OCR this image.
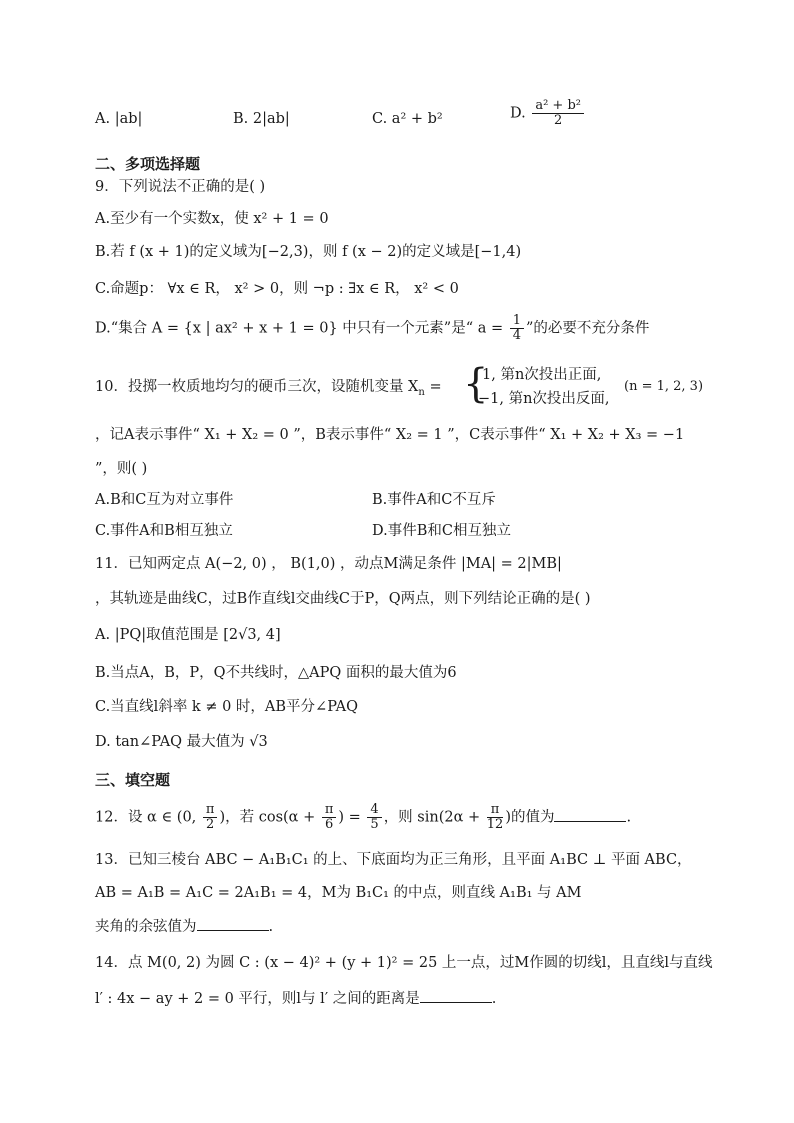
A. |ab|	B. 2|ab|	C. a² + b²	D. $\frac{\text{a² + b²}}{2}$
二、多项选择题
9．下列说法不正确的是( )
A.至少有一个实数x，使 x² + 1 = 0
B.若 f (x + 1)的定义域为[−2,3)，则 f (x − 2)的定义域是[−1,4)
C.命题p： ∀x ∈ R， x² > 0，则 ¬p : ∃x ∈ R， x² < 0
D.“集合 A = {x | ax² + x + 1 = 0} 中只有一个元素”是“ $a = \frac{1}{4}$ ”的必要不充分条件
10．投掷一枚质地均匀的硬币三次，设随机变量 $X_n$ = {
1, 第n次投出正面,
−1, 第n次投出反面,
(n = 1, 2, 3)
，记A表示事件“ X₁ + X₂ = 0 ”，B表示事件“ X₂ = 1 ”，C表示事件“ X₁ + X₂ + X₃ = −1
”，则( )
A.B和C互为对立事件	B.事件A和C不互斥
C.事件A和B相互独立	D.事件B和C相互独立
11．已知两定点 A(−2, 0) ， B(1,0) ，动点M满足条件 |MA| = 2|MB|
，其轨迹是曲线C，过B作直线l交曲线C于P，Q两点，则下列结论正确的是( )
A. |PQ|取值范围是 [2√3, 4]
B.当点A，B，P，Q不共线时，△APQ 面积的最大值为6
C.当直线l斜率 k ≠ 0 时，AB平分∠PAQ
D. tan∠PAQ 最大值为 √3
三、填空题
12．设 α ∈ (0, $\frac{\pi}{2}$ )，若 $\cos(\alpha + \frac{\pi}{6}$ ) = $\frac{4}{5}$ ，则 $\sin(2\alpha + \frac{\pi}{12}$ )的值为	.
13．已知三棱台 ABC − A₁B₁C₁ 的上、下底面均为正三角形，且平面 A₁BC ⊥ 平面 ABC，
AB = A₁B = A₁C = 2A₁B₁ = 4，M为 B₁C₁ 的中点，则直线 A₁B₁ 与 AM
夹角的余弦值为	.
14．点 M(0, 2) 为圆 C : (x − 4)² + (y + 1)² = 25 上一点，过M作圆的切线l，且直线l与直线
l′ : 4x − ay + 2 = 0 平行，则l与 l′ 之间的距离是	.
